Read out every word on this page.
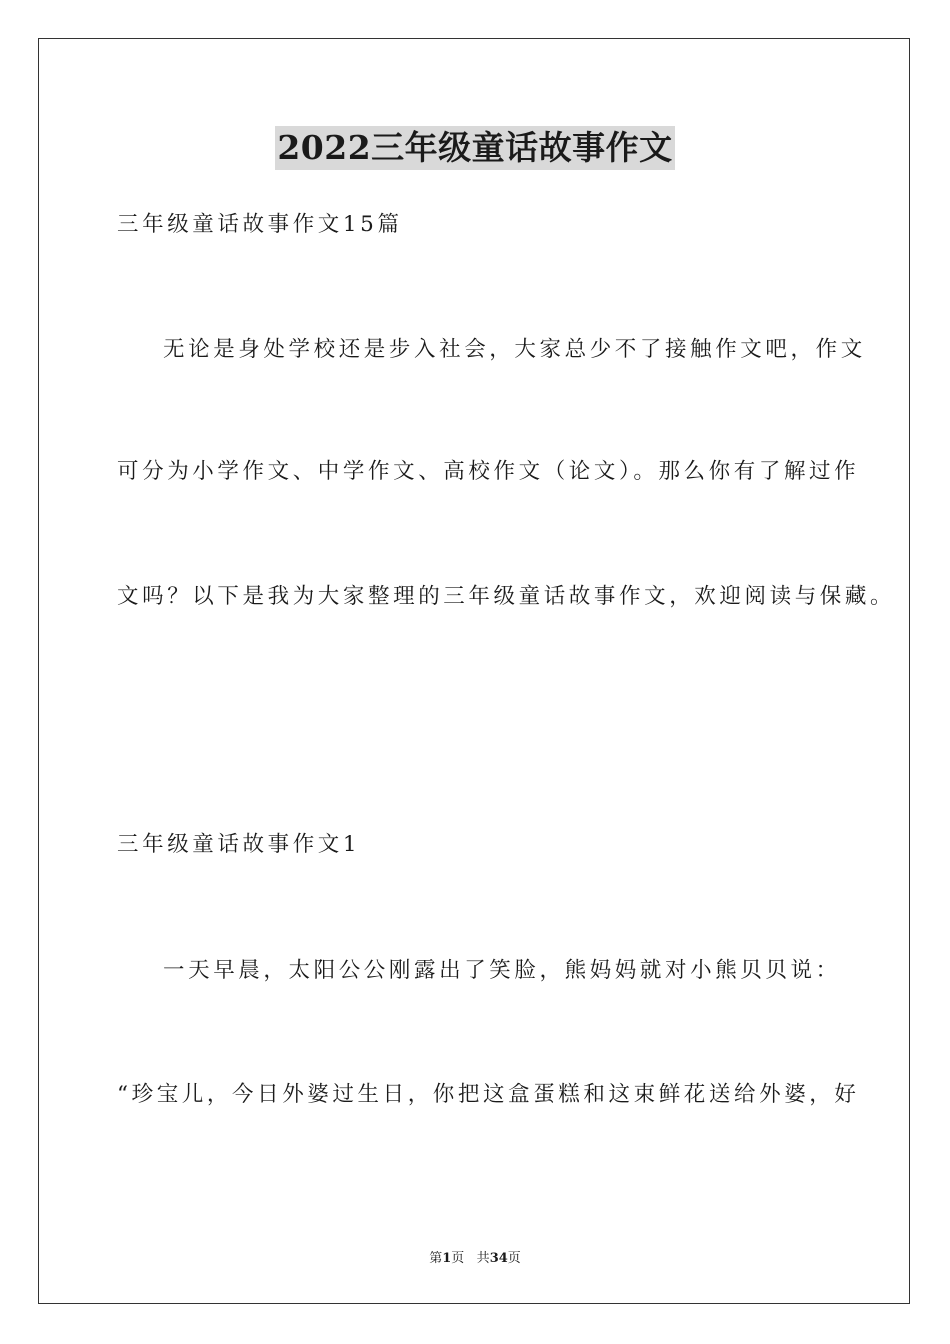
2022三年级童话故事作文
三年级童话故事作文15篇
无论是身处学校还是步入社会，大家总少不了接触作文吧，作文
可分为小学作文、中学作文、高校作文（论文）。那么你有了解过作
文吗？以下是我为大家整理的三年级童话故事作文，欢迎阅读与保藏。
三年级童话故事作文1
一天早晨，太阳公公刚露出了笑脸，熊妈妈就对小熊贝贝说：
“珍宝儿，今日外婆过生日，你把这盒蛋糕和这束鲜花送给外婆，好
第1页 共34页
